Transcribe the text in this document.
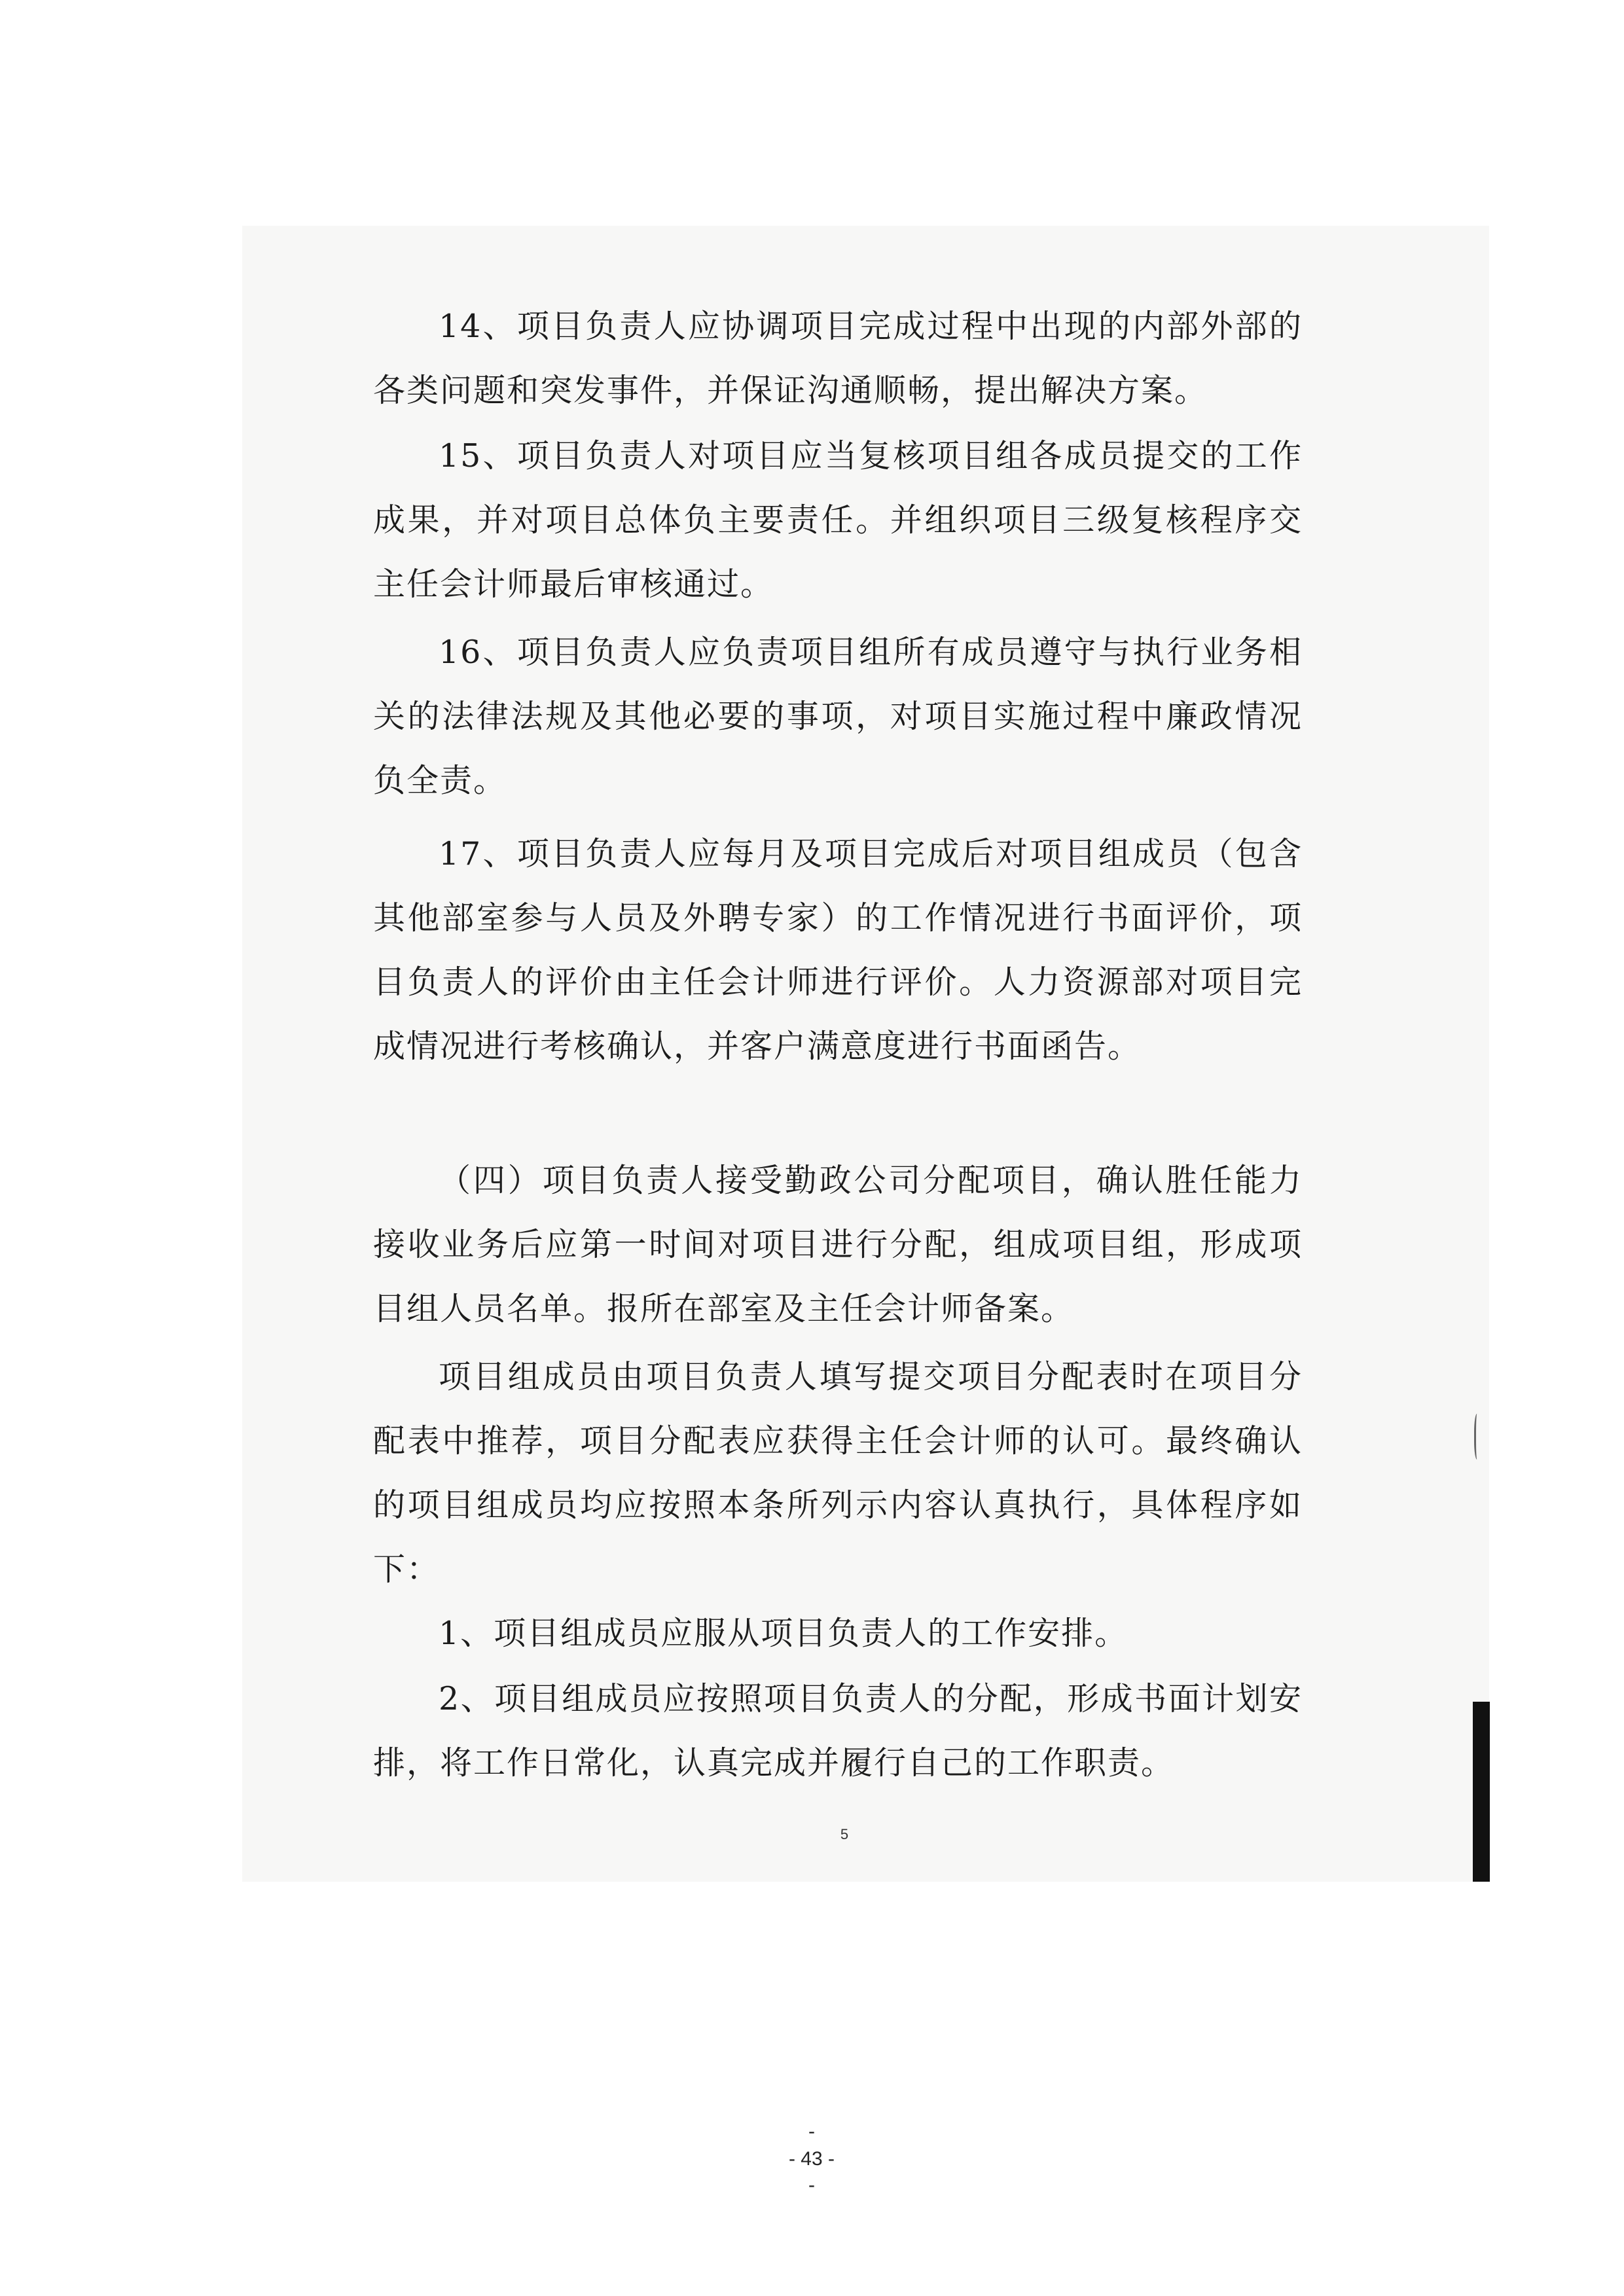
14、项目负责人应协调项目完成过程中出现的内部外部的各类问题和突发事件，并保证沟通顺畅，提出解决方案。

15、项目负责人对项目应当复核项目组各成员提交的工作成果，并对项目总体负主要责任。并组织项目三级复核程序交主任会计师最后审核通过。

16、项目负责人应负责项目组所有成员遵守与执行业务相关的法律法规及其他必要的事项，对项目实施过程中廉政情况负全责。

17、项目负责人应每月及项目完成后对项目组成员（包含其他部室参与人员及外聘专家）的工作情况进行书面评价，项目负责人的评价由主任会计师进行评价。人力资源部对项目完成情况进行考核确认，并客户满意度进行书面函告。

（四）项目负责人接受勤政公司分配项目，确认胜任能力接收业务后应第一时间对项目进行分配，组成项目组，形成项目组人员名单。报所在部室及主任会计师备案。

项目组成员由项目负责人填写提交项目分配表时在项目分配表中推荐，项目分配表应获得主任会计师的认可。最终确认的项目组成员均应按照本条所列示内容认真执行，具体程序如下：

1、项目组成员应服从项目负责人的工作安排。

2、项目组成员应按照项目负责人的分配，形成书面计划安排，将工作日常化，认真完成并履行自己的工作职责。

5
-
- 43 -
-
